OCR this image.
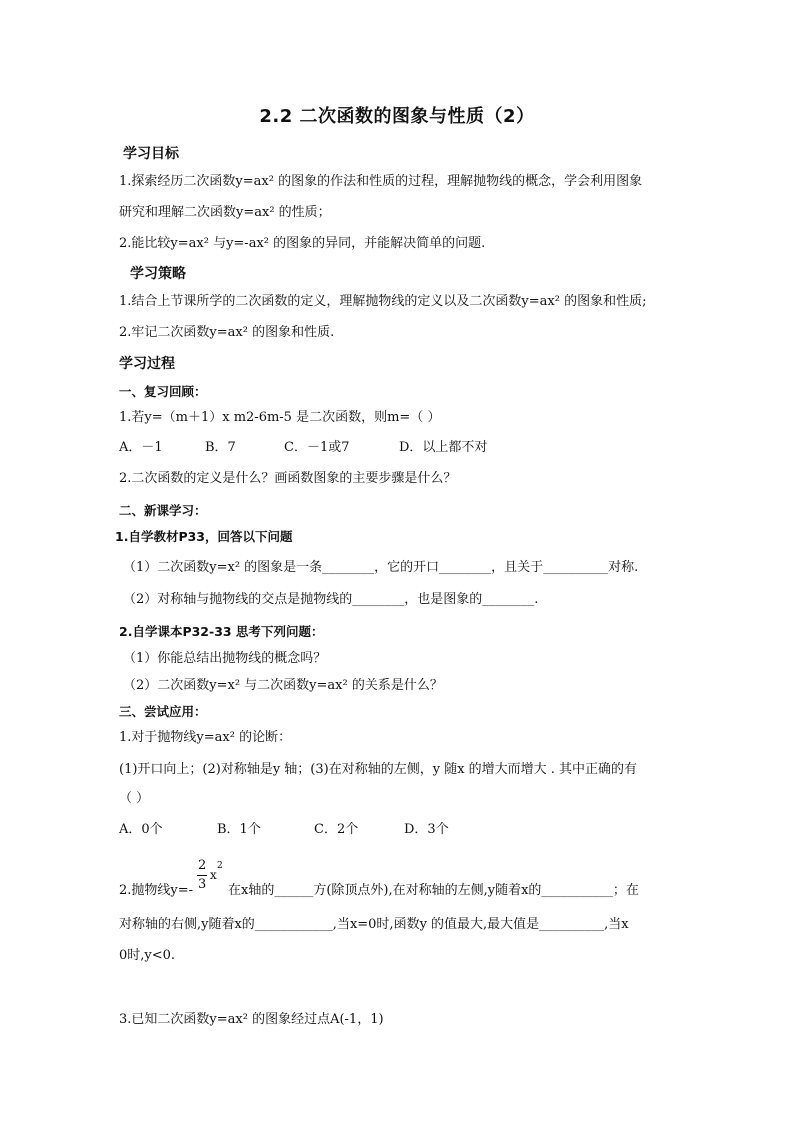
2.2 二次函数的图象与性质（2）
学习目标
1.探索经历二次函数y=ax² 的图象的作法和性质的过程，理解抛物线的概念，学会利用图象
研究和理解二次函数y=ax² 的性质；
2.能比较y=ax² 与y=-ax² 的图象的异同，并能解决简单的问题.
学习策略
1.结合上节课所学的二次函数的定义，理解抛物线的定义以及二次函数y=ax² 的图象和性质;
2.牢记二次函数y=ax² 的图象和性质.
学习过程
一、复习回顾：
1.若y=（m＋1）x m2-6m-5 是二次函数，则m=（ ）
A．－1	B．7	C．－1或7	D．以上都不对
2.二次函数的定义是什么？画函数图象的主要步骤是什么？
二、新课学习：
1.自学教材P33，回答以下问题
（1）二次函数y=x² 的图象是一条________，它的开口________，且关于__________对称.
（2）对称轴与抛物线的交点是抛物线的________，也是图象的________.
2.自学课本P32-33 思考下列问题：
（1）你能总结出抛物线的概念吗？
（2）二次函数y=x² 与二次函数y=ax² 的关系是什么？
三、尝试应用：
1.对于抛物线y=ax² 的论断：
(1)开口向上；(2)对称轴是y 轴；(3)在对称轴的左侧，y 随x 的增大而增大 . 其中正确的有
（ ）
A．0个	B．1个	C．2个	D．3个
2.抛物线y=-
2
3
x
2
在x轴的______方(除顶点外),在对称轴的左侧,y随着x的___________；在
对称轴的右侧,y随着x的____________,当x=0时,函数y 的值最大,最大值是__________,当x
0时,y<0.
3.已知二次函数y=ax² 的图象经过点A(-1，1)
